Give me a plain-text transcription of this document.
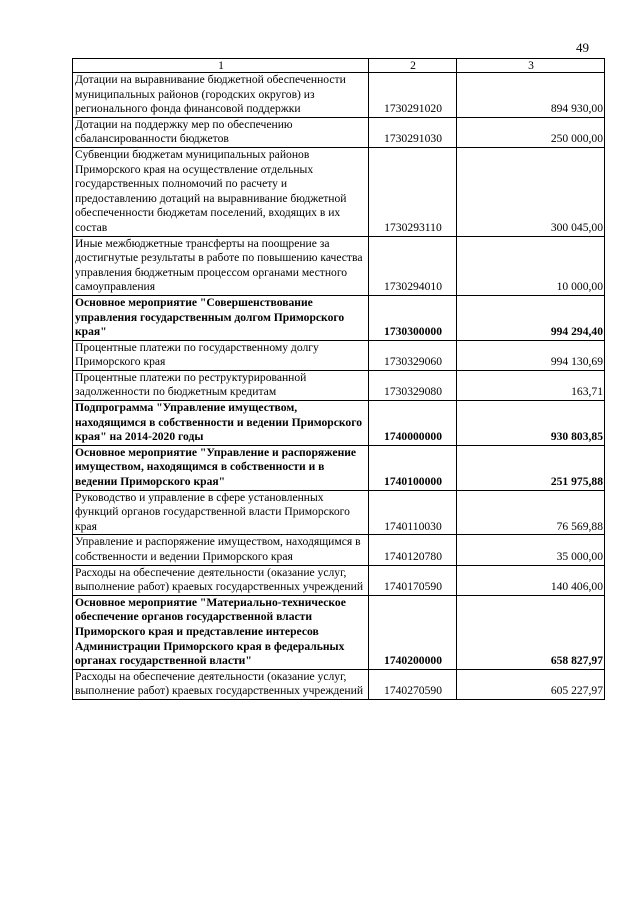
49
1	2	3
Дотации на выравнивание бюджетной обеспеченности муниципальных районов (городских округов) из регионального фонда финансовой поддержки	1730291020	894 930,00
Дотации на поддержку мер по обеспечению сбалансированности бюджетов	1730291030	250 000,00
Субвенции бюджетам муниципальных районов Приморского края на осуществление отдельных государственных полномочий по расчету и предоставлению дотаций на выравнивание бюджетной обеспеченности бюджетам поселений, входящих в их состав	1730293110	300 045,00
Иные межбюджетные трансферты на поощрение за достигнутые результаты в работе по повышению качества управления бюджетным процессом органами местного самоуправления	1730294010	10 000,00
Основное мероприятие "Совершенствование управления государственным долгом Приморского края"	1730300000	994 294,40
Процентные платежи по государственному долгу Приморского края	1730329060	994 130,69
Процентные платежи по реструктурированной задолженности по бюджетным кредитам	1730329080	163,71
Подпрограмма "Управление имуществом, находящимся в собственности и ведении Приморского края" на 2014-2020 годы	1740000000	930 803,85
Основное мероприятие "Управление и распоряжение имуществом, находящимся в собственности и в ведении Приморского края"	1740100000	251 975,88
Руководство и управление в сфере установленных функций органов государственной власти Приморского края	1740110030	76 569,88
Управление и распоряжение имуществом, находящимся в собственности и ведении Приморского края	1740120780	35 000,00
Расходы на обеспечение деятельности (оказание услуг, выполнение работ) краевых государственных учреждений	1740170590	140 406,00
Основное мероприятие "Материально-техническое обеспечение органов государственной власти Приморского края и представление интересов Администрации Приморского края в федеральных органах государственной власти"	1740200000	658 827,97
Расходы на обеспечение деятельности (оказание услуг, выполнение работ) краевых государственных учреждений	1740270590	605 227,97
